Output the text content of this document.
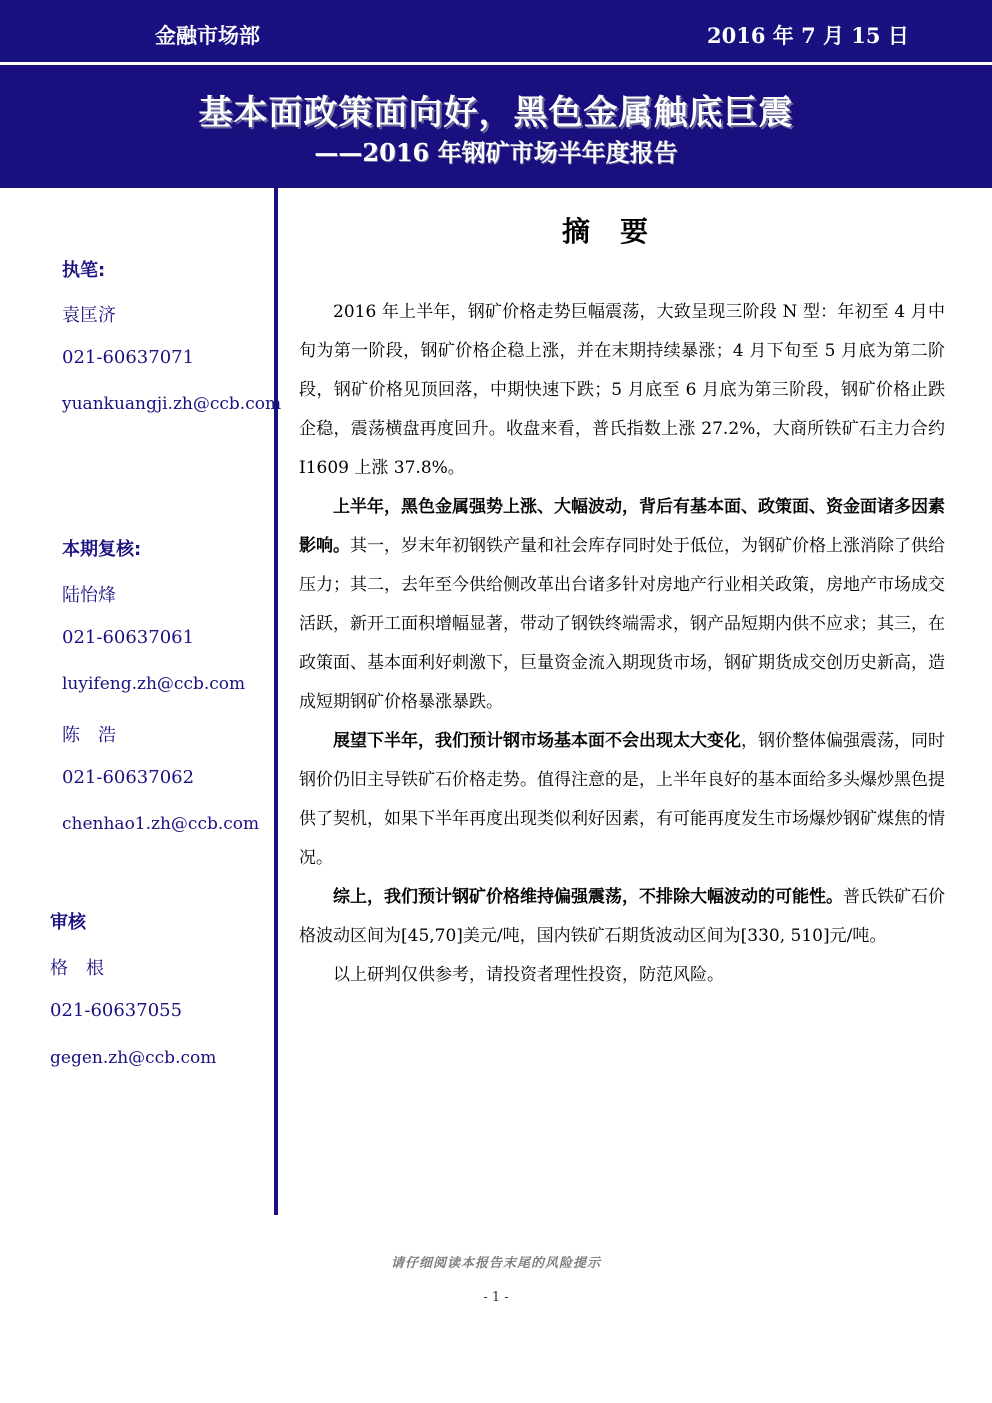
金融市场部	2016 年 7 月 15 日
基本面政策面向好，黑色金属触底巨震
——2016 年钢矿市场半年度报告
执笔:
袁匡济
021-60637071
yuankuangji.zh@ccb.com
本期复核:
陆怡烽
021-60637061
luyifeng.zh@ccb.com
陈　浩
021-60637062
chenhao1.zh@ccb.com
审核
格　根
021-60637055
gegen.zh@ccb.com
摘要

2016 年上半年，钢矿价格走势巨幅震荡，大致呈现三阶段 N 型：年初至 4 月中旬为第一阶段，钢矿价格企稳上涨，并在末期持续暴涨；4 月下旬至 5 月底为第二阶段，钢矿价格见顶回落，中期快速下跌；5 月底至 6 月底为第三阶段，钢矿价格止跌企稳，震荡横盘再度回升。收盘来看，普氏指数上涨 27.2%，大商所铁矿石主力合约 I1609 上涨 37.8%。

上半年，黑色金属强势上涨、大幅波动，背后有基本面、政策面、资金面诸多因素影响。其一，岁末年初钢铁产量和社会库存同时处于低位，为钢矿价格上涨消除了供给压力；其二，去年至今供给侧改革出台诸多针对房地产行业相关政策，房地产市场成交活跃，新开工面积增幅显著，带动了钢铁终端需求，钢产品短期内供不应求；其三，在政策面、基本面利好刺激下，巨量资金流入期现货市场，钢矿期货成交创历史新高，造成短期钢矿价格暴涨暴跌。

展望下半年，我们预计钢市场基本面不会出现太大变化，钢价整体偏强震荡，同时钢价仍旧主导铁矿石价格走势。值得注意的是，上半年良好的基本面给多头爆炒黑色提供了契机，如果下半年再度出现类似利好因素，有可能再度发生市场爆炒钢矿煤焦的情况。

综上，我们预计钢矿价格维持偏强震荡，不排除大幅波动的可能性。普氏铁矿石价格波动区间为[45,70]美元/吨，国内铁矿石期货波动区间为[330, 510]元/吨。

以上研判仅供参考，请投资者理性投资，防范风险。

请仔细阅读本报告末尾的风险提示
- 1 -
